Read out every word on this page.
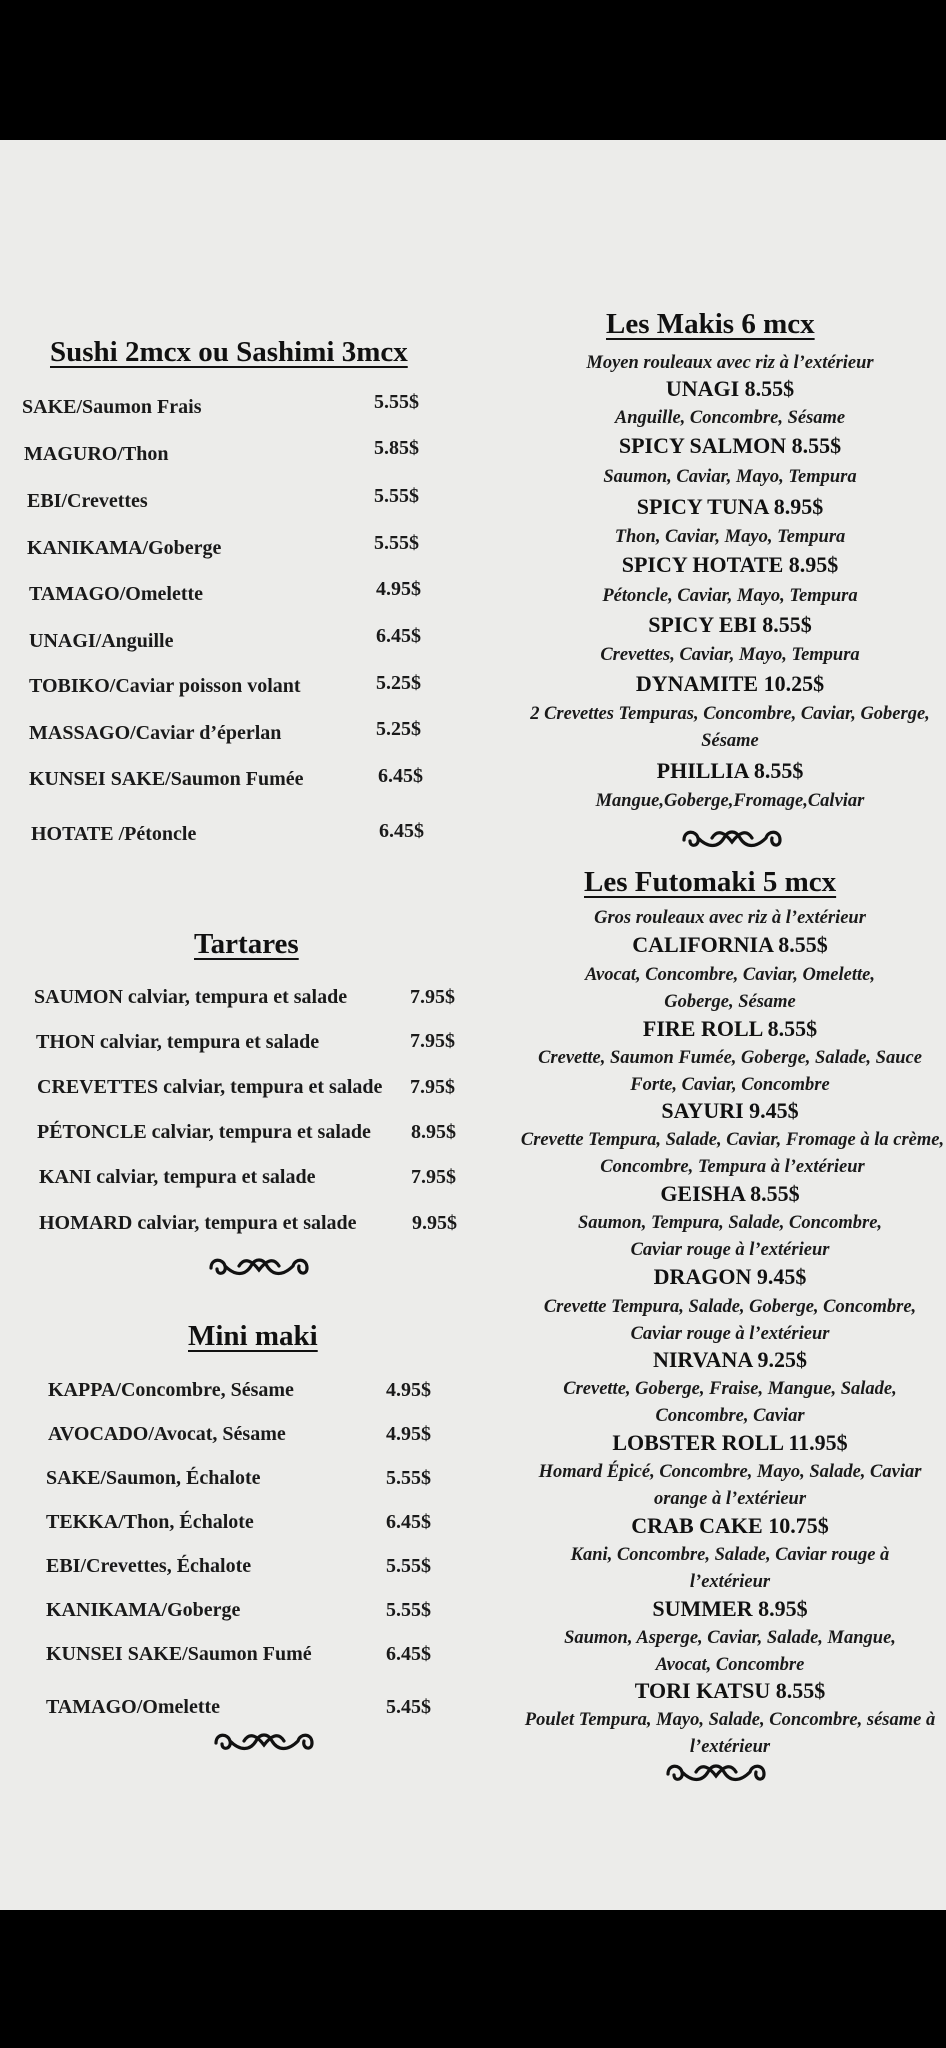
Sushi 2mcx ou Sashimi 3mcx
SAKE/Saumon Frais	5.55$
MAGURO/Thon	5.85$
EBI/Crevettes	5.55$
KANIKAMA/Goberge	5.55$
TAMAGO/Omelette	4.95$
UNAGI/Anguille	6.45$
TOBIKO/Caviar poisson volant	5.25$
MASSAGO/Caviar d’éperlan	5.25$
KUNSEI SAKE/Saumon Fumée	6.45$
HOTATE /Pétoncle	6.45$
Tartares
SAUMON calviar, tempura et salade	7.95$
THON calviar, tempura et salade	7.95$
CREVETTES calviar, tempura et salade 7.95$
PÉTONCLE calviar, tempura et salade 8.95$
KANI calviar, tempura et salade	7.95$
HOMARD calviar, tempura et salade	9.95$
Mini maki
KAPPA/Concombre, Sésame	4.95$
AVOCADO/Avocat, Sésame	4.95$
SAKE/Saumon, Échalote	5.55$
TEKKA/Thon, Échalote	6.45$
EBI/Crevettes, Échalote	5.55$
KANIKAMA/Goberge	5.55$
KUNSEI SAKE/Saumon Fumé	6.45$
TAMAGO/Omelette	5.45$
Les Makis 6 mcx
Moyen rouleaux avec riz à l’extérieur
UNAGI 8.55$
Anguille, Concombre, Sésame
SPICY SALMON 8.55$
Saumon, Caviar, Mayo, Tempura
SPICY TUNA 8.95$
Thon, Caviar, Mayo, Tempura
SPICY HOTATE 8.95$
Pétoncle, Caviar, Mayo, Tempura
SPICY EBI 8.55$
Crevettes, Caviar, Mayo, Tempura
DYNAMITE 10.25$
2 Crevettes Tempuras, Concombre, Caviar, Goberge, Sésame
PHILLIA 8.55$
Mangue,Goberge,Fromage,Calviar
Les Futomaki 5 mcx
Gros rouleaux avec riz à l’extérieur
CALIFORNIA 8.55$
Avocat, Concombre, Caviar, Omelette, Goberge, Sésame
FIRE ROLL 8.55$
Crevette, Saumon Fumée, Goberge, Salade, Sauce Forte, Caviar, Concombre
SAYURI 9.45$
Crevette Tempura, Salade, Caviar, Fromage à la crème, Concombre, Tempura à l’extérieur
GEISHA 8.55$
Saumon, Tempura, Salade, Concombre, Caviar rouge à l’extérieur
DRAGON 9.45$
Crevette Tempura, Salade, Goberge, Concombre, Caviar rouge à l’extérieur
NIRVANA 9.25$
Crevette, Goberge, Fraise, Mangue, Salade, Concombre, Caviar
LOBSTER ROLL 11.95$
Homard Épicé, Concombre, Mayo, Salade, Caviar orange à l’extérieur
CRAB CAKE 10.75$
Kani, Concombre, Salade, Caviar rouge à l’extérieur
SUMMER 8.95$
Saumon, Asperge, Caviar, Salade, Mangue, Avocat, Concombre
TORI KATSU 8.55$
Poulet Tempura, Mayo, Salade, Concombre, sésame à l’extérieur
